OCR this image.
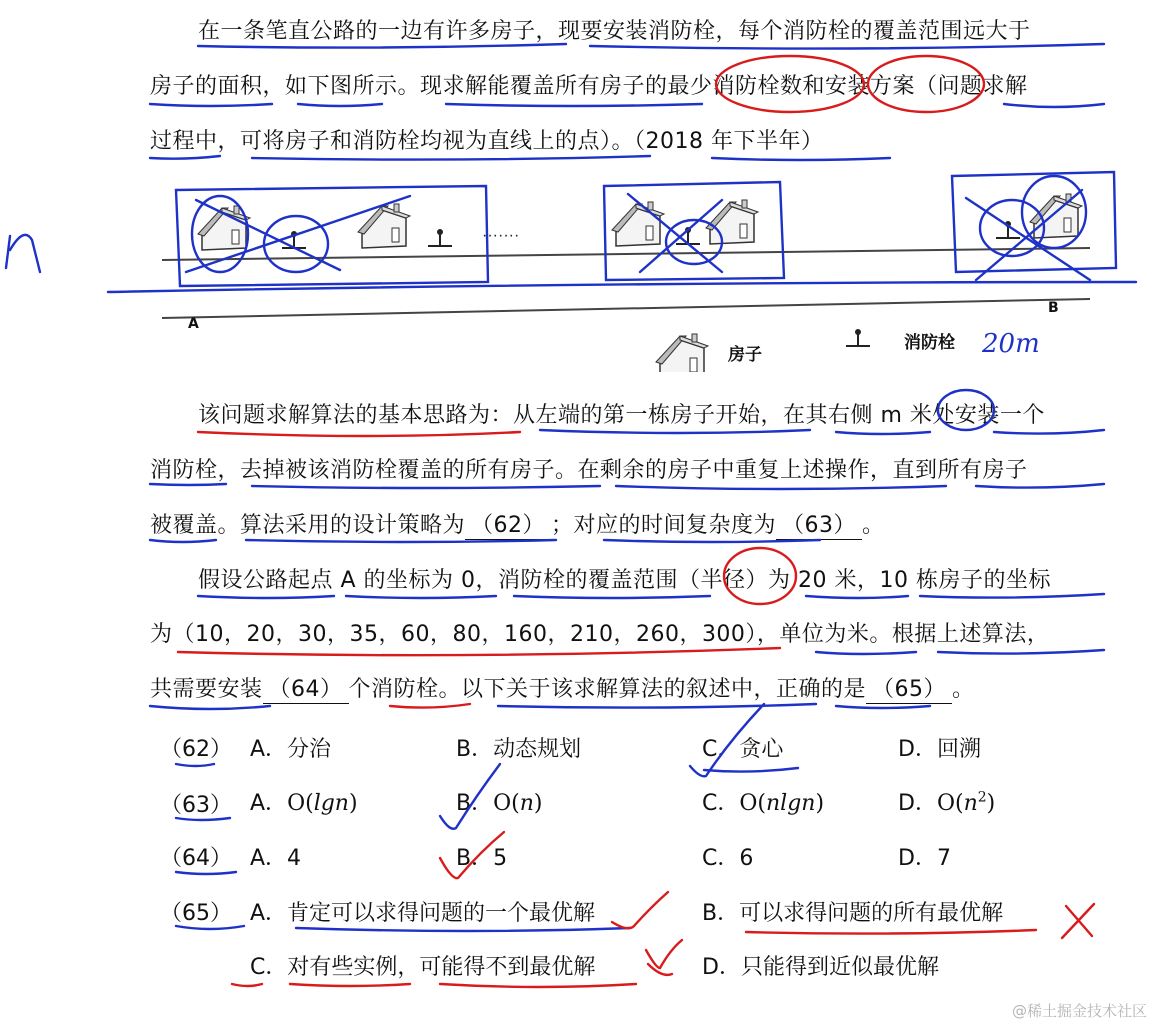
在一条笔直公路的一边有许多房子，现要安装消防栓，每个消防栓的覆盖范围远大于
房子的面积，如下图所示。现求解能覆盖所有房子的最少消防栓数和安装方案（问题求解
过程中，可将房子和消防栓均视为直线上的点）。（2018 年下半年）
·······
A
B
房子
消防栓
该问题求解算法的基本思路为：从左端的第一栋房子开始，在其右侧 m 米处安装一个
消防栓，去掉被该消防栓覆盖的所有房子。在剩余的房子中重复上述操作，直到所有房子
被覆盖。算法采用的设计策略为 （62） ；对应的时间复杂度为 （63） 。
假设公路起点 A 的坐标为 0，消防栓的覆盖范围（半径）为 20 米，10 栋房子的坐标
为（10，20，30，35，60，80，160，210，260，300），单位为米。根据上述算法，
共需要安装 （64） 个消防栓。以下关于该求解算法的叙述中，正确的是 （65） 。
（62） A．分治	B．动态规划	C．贪心	D．回溯
（63） A．O(lgn)	B．O(n)	C．O(nlgn)	D．$O(n^2)$
（64） A．4	B．5	C．6	D．7
（65） A．肯定可以求得问题的一个最优解	B．可以求得问题的所有最优解
C．对有些实例，可能得不到最优解	D．只能得到近似最优解
20m
@稀土掘金技术社区
